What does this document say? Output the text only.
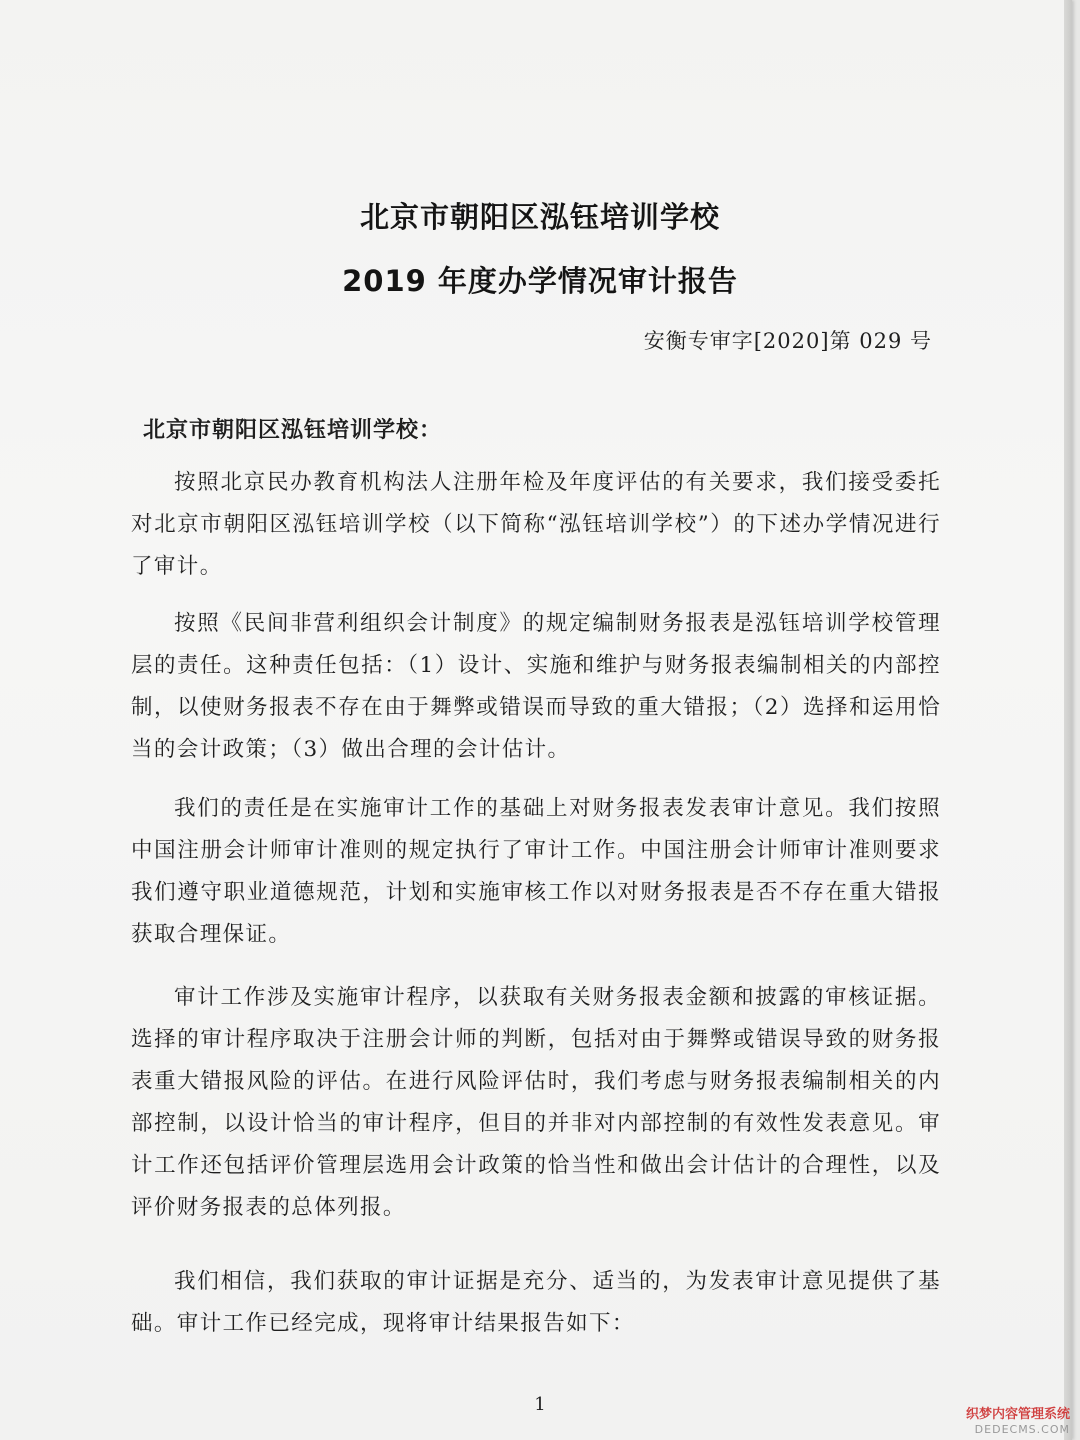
北京市朝阳区泓钰培训学校
2019 年度办学情况审计报告
安衡专审字[2020]第 029 号
北京市朝阳区泓钰培训学校：

按照北京民办教育机构法人注册年检及年度评估的有关要求，我们接受委托对北京市朝阳区泓钰培训学校（以下简称“泓钰培训学校”）的下述办学情况进行了审计。

按照《民间非营利组织会计制度》的规定编制财务报表是泓钰培训学校管理层的责任。这种责任包括：（1）设计、实施和维护与财务报表编制相关的内部控制，以使财务报表不存在由于舞弊或错误而导致的重大错报；（2）选择和运用恰当的会计政策；（3）做出合理的会计估计。

我们的责任是在实施审计工作的基础上对财务报表发表审计意见。我们按照中国注册会计师审计准则的规定执行了审计工作。中国注册会计师审计准则要求我们遵守职业道德规范，计划和实施审核工作以对财务报表是否不存在重大错报获取合理保证。

审计工作涉及实施审计程序，以获取有关财务报表金额和披露的审核证据。选择的审计程序取决于注册会计师的判断，包括对由于舞弊或错误导致的财务报表重大错报风险的评估。在进行风险评估时，我们考虑与财务报表编制相关的内部控制，以设计恰当的审计程序，但目的并非对内部控制的有效性发表意见。审计工作还包括评价管理层选用会计政策的恰当性和做出会计估计的合理性，以及评价财务报表的总体列报。

我们相信，我们获取的审计证据是充分、适当的，为发表审计意见提供了基础。审计工作已经完成，现将审计结果报告如下：

1	织梦内容管理系统
DEDECMS.COM
